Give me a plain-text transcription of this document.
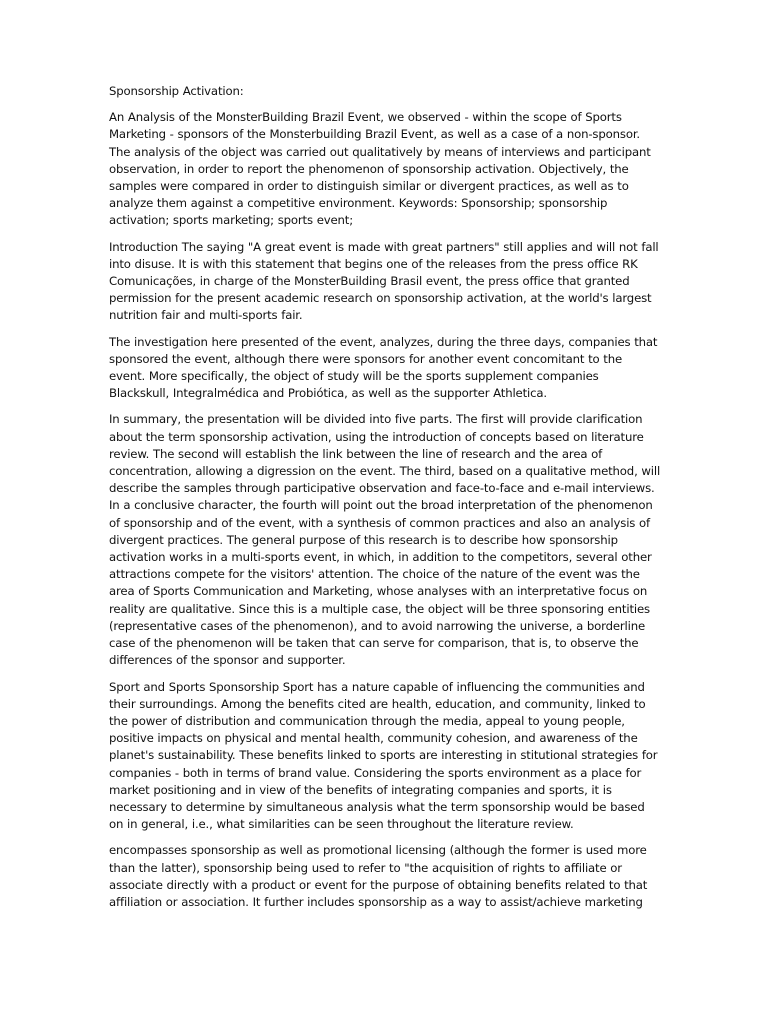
Sponsorship Activation:

An Analysis of the MonsterBuilding Brazil Event, we observed - within the scope of Sports Marketing - sponsors of the Monsterbuilding Brazil Event, as well as a case of a non-sponsor. The analysis of the object was carried out qualitatively by means of interviews and participant observation, in order to report the phenomenon of sponsorship activation. Objectively, the samples were compared in order to distinguish similar or divergent practices, as well as to analyze them against a competitive environment. Keywords: Sponsorship; sponsorship activation; sports marketing; sports event;

Introduction The saying "A great event is made with great partners" still applies and will not fall into disuse. It is with this statement that begins one of the releases from the press office RK Comunicações, in charge of the MonsterBuilding Brasil event, the press office that granted permission for the present academic research on sponsorship activation, at the world's largest nutrition fair and multi-sports fair.

The investigation here presented of the event, analyzes, during the three days, companies that sponsored the event, although there were sponsors for another event concomitant to the event. More specifically, the object of study will be the sports supplement companies Blackskull, Integralmédica and Probiótica, as well as the supporter Athletica.

In summary, the presentation will be divided into five parts. The first will provide clarification about the term sponsorship activation, using the introduction of concepts based on literature review. The second will establish the link between the line of research and the area of concentration, allowing a digression on the event. The third, based on a qualitative method, will describe the samples through participative observation and face-to-face and e-mail interviews. In a conclusive character, the fourth will point out the broad interpretation of the phenomenon of sponsorship and of the event, with a synthesis of common practices and also an analysis of divergent practices. The general purpose of this research is to describe how sponsorship activation works in a multi-sports event, in which, in addition to the competitors, several other attractions compete for the visitors' attention. The choice of the nature of the event was the area of Sports Communication and Marketing, whose analyses with an interpretative focus on reality are qualitative. Since this is a multiple case, the object will be three sponsoring entities (representative cases of the phenomenon), and to avoid narrowing the universe, a borderline case of the phenomenon will be taken that can serve for comparison, that is, to observe the differences of the sponsor and supporter.

Sport and Sports Sponsorship Sport has a nature capable of influencing the communities and their surroundings. Among the benefits cited are health, education, and community, linked to the power of distribution and communication through the media, appeal to young people, positive impacts on physical and mental health, community cohesion, and awareness of the planet's sustainability. These benefits linked to sports are interesting in stitutional strategies for companies - both in terms of brand value. Considering the sports environment as a place for market positioning and in view of the benefits of integrating companies and sports, it is necessary to determine by simultaneous analysis what the term sponsorship would be based on in general, i.e., what similarities can be seen throughout the literature review.

encompasses sponsorship as well as promotional licensing (although the former is used more than the latter), sponsorship being used to refer to "the acquisition of rights to affiliate or associate directly with a product or event for the purpose of obtaining benefits related to that affiliation or association. It further includes sponsorship as a way to assist/achieve marketing
